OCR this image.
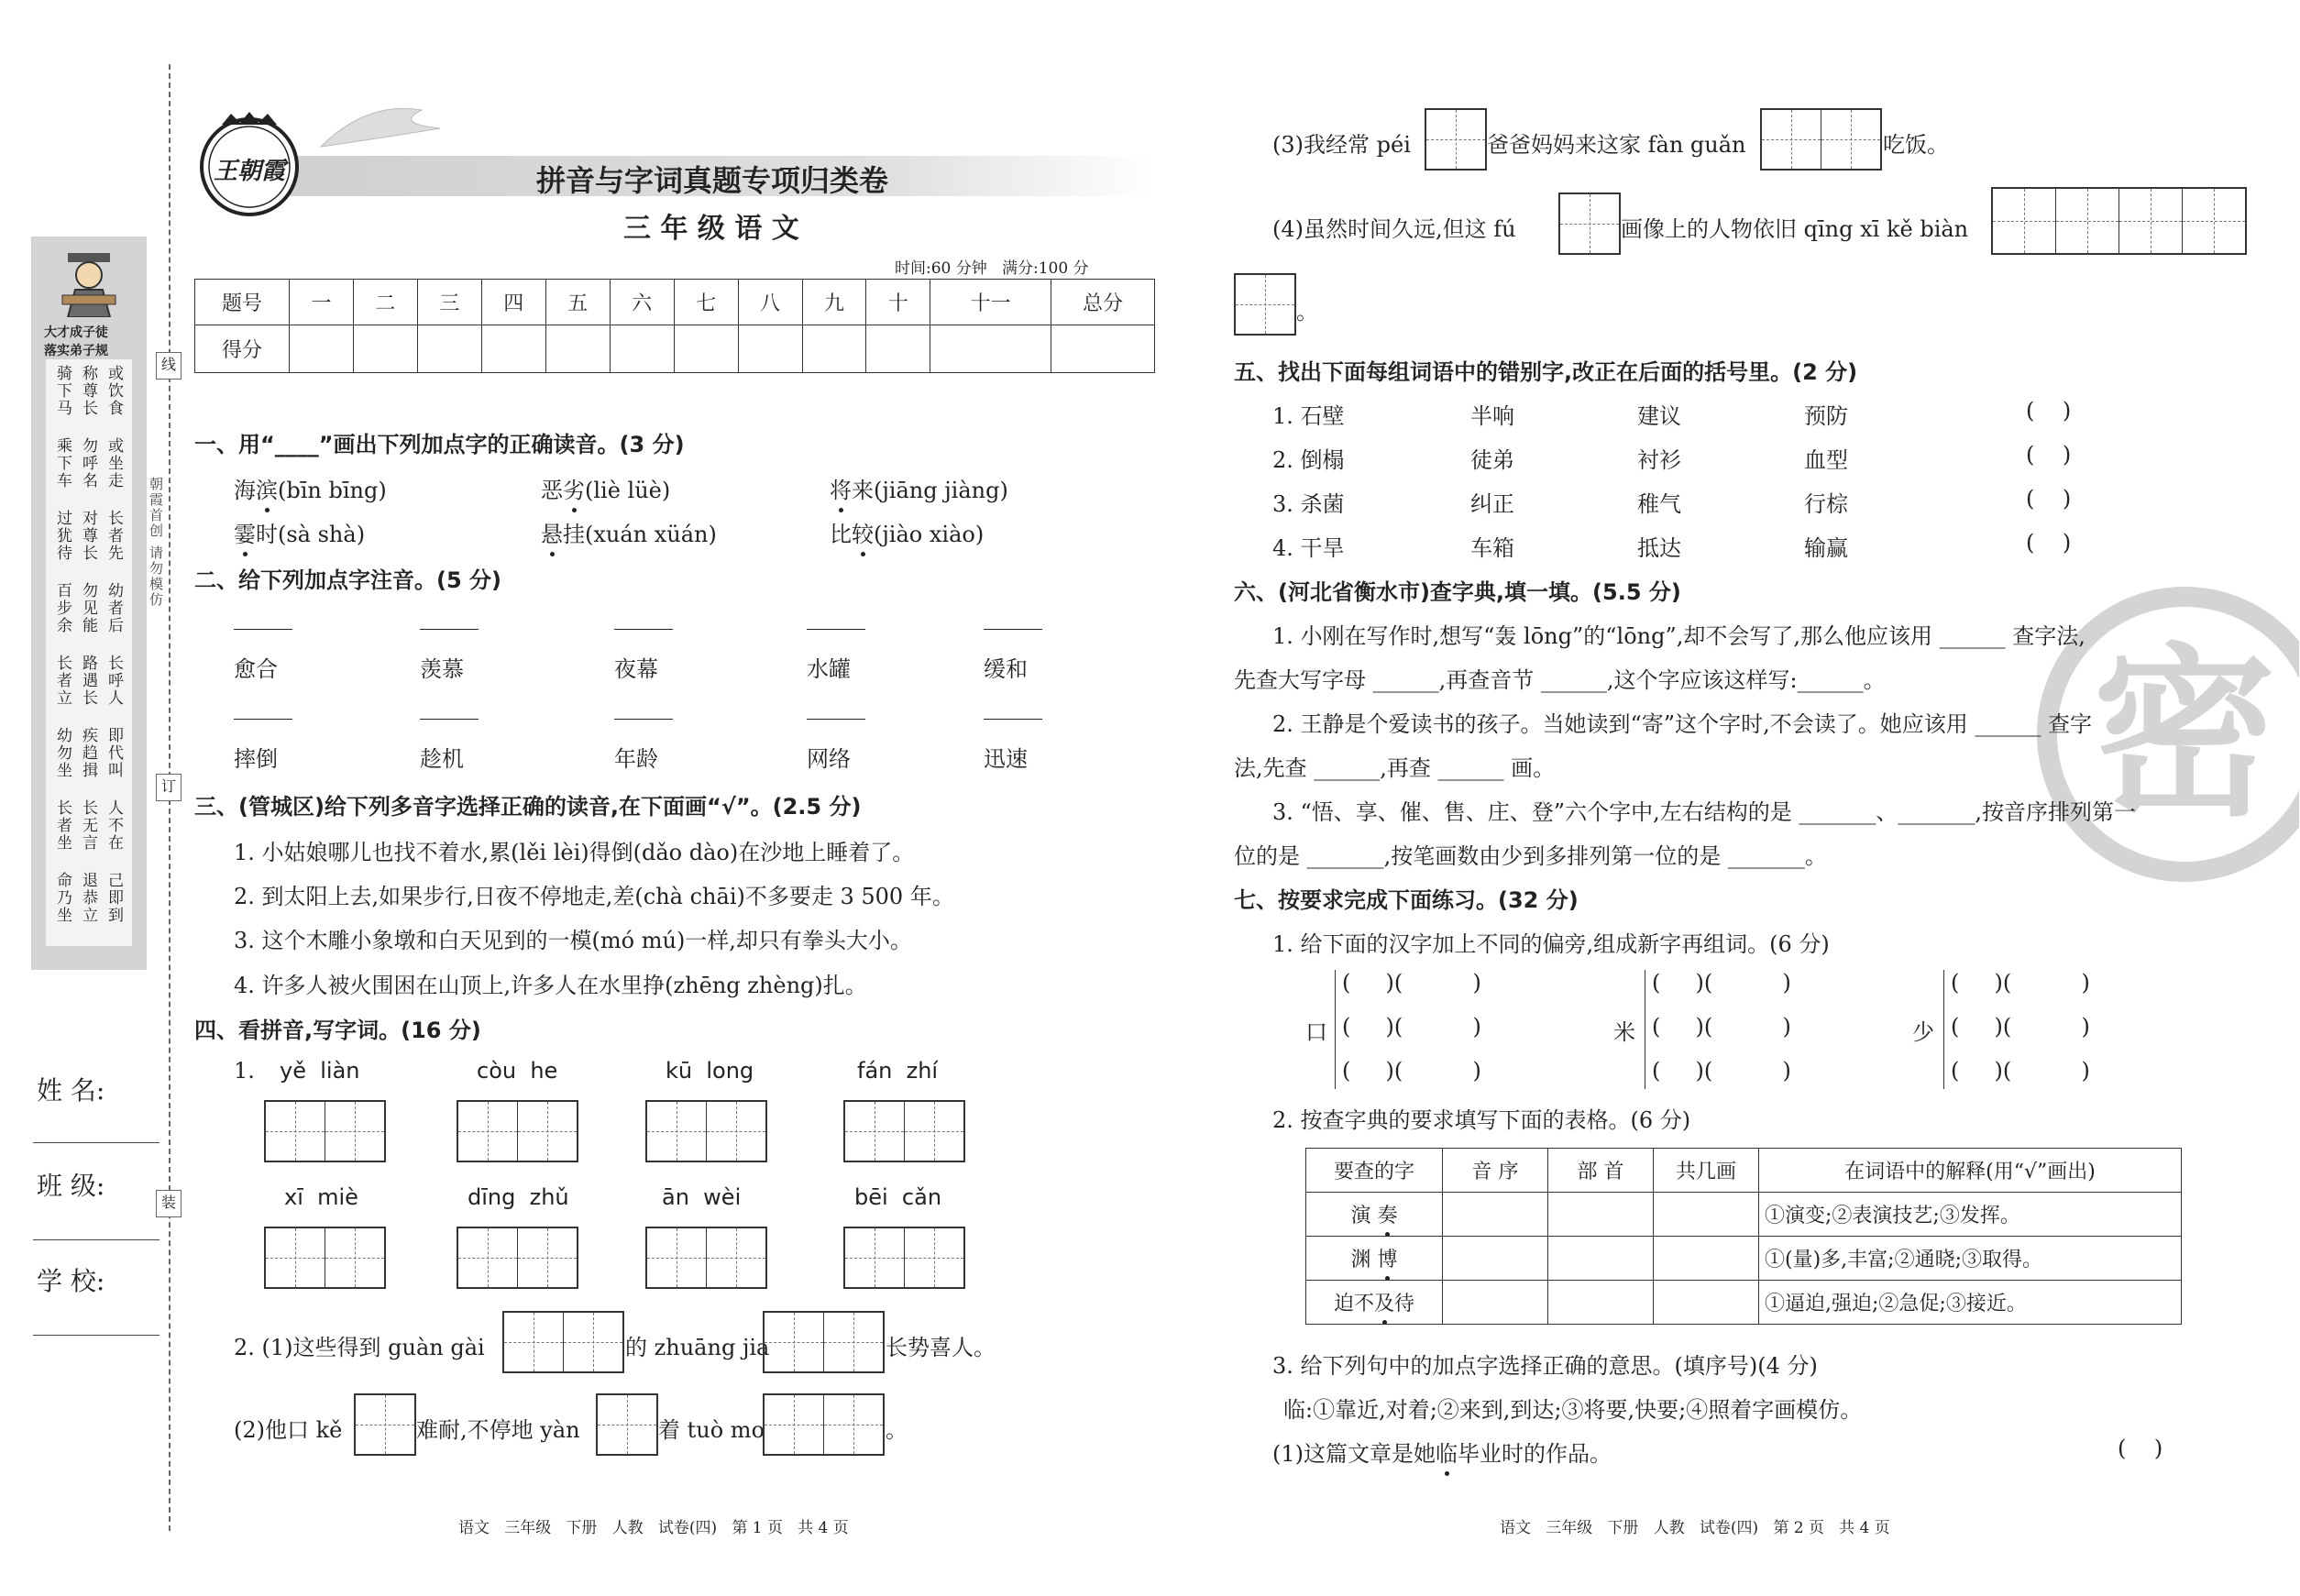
线
订
装
朝霞首创 请勿模仿
大才成子徒
落实弟子规
骑下马 称尊长 或饮食
乘下车 勿呼名 或坐走
过犹待 对尊长 长者先
百步余 勿见能 幼者后
长者立 路遇长 长呼人
幼勿坐 疾趋揖 即代叫
长者坐 长无言 人不在
命乃坐 退恭立 己即到
姓 名:
班 级:
学 校:
王朝霞	拼音与字词真题专项归类卷
三 年 级 语 文
时间:60 分钟   满分:100 分
题号	一	二	三	四	五	六	七	八	九	十	十一	总分
得分												
一、用“____”画出下列加点字的正确读音。(3 分)
海滨(bīn bīng)	恶劣(liè lüè)	将来(jiāng jiàng)
霎时(sà shà)	悬挂(xuán xüán)	比较(jiào xiào)
二、给下列加点字注音。(5 分)
愈合	羡慕	夜幕	水罐	缓和
摔倒	趁机	年龄	网络	迅速
三、(管城区)给下列多音字选择正确的读音,在下面画“√”。(2.5 分)
1. 小姑娘哪儿也找不着水,累(lěi lèi)得倒(dǎo dào)在沙地上睡着了。
2. 到太阳上去,如果步行,日夜不停地走,差(chà chāi)不多要走 3 500 年。
3. 这个木雕小象墩和白天见到的一模(mó mú)一样,却只有拳头大小。
4. 许多人被火围困在山顶上,许多人在水里挣(zhēng zhèng)扎。
四、看拼音,写字词。(16 分)
1. yě  liàn	còu  he	kū  long	fán  zhí
xī  miè	dīng  zhǔ	ān  wèi	bēi  cǎn
2. (1)这些得到 guàn gài	的 zhuāng jia	长势喜人。
(2)他口 kě	难耐,不停地 yàn	着 tuò mo	。
(3)我经常 péi	爸爸妈妈来这家 fàn guǎn	吃饭。
(4)虽然时间久远,但这 fú	画像上的人物依旧 qīng xī kě biàn
。
五、找出下面每组词语中的错别字,改正在后面的括号里。(2 分)
1. 石壁	半响	建议	预防	(    )
2. 倒榻	徒弟	衬衫	血型	(    )
3. 杀菌	纠正	稚气	行棕	(    )
4. 干旱	车箱	抵达	输赢	(    )
密
六、(河北省衡水市)查字典,填一填。(5.5 分)
1. 小刚在写作时,想写“轰 lōng”的“lōng”,却不会写了,那么他应该用 ______ 查字法,
先查大写字母 ______,再查音节 ______,这个字应该这样写:______。
2. 王静是个爱读书的孩子。当她读到“寄”这个字时,不会读了。她应该用 ______ 查字
法,先查 ______,再查 ______ 画。
3. “悟、享、催、售、庄、登”六个字中,左右结构的是 _______、_______,按音序排列第一
位的是 _______,按笔画数由少到多排列第一位的是 _______。
七、按要求完成下面练习。(32 分)
1. 给下面的汉字加上不同的偏旁,组成新字再组词。(6 分)
口
(     )(          )
(     )(          )
(     )(          )
米
(     )(          )
(     )(          )
(     )(          )
少
(     )(          )
(     )(          )
(     )(          )
2. 按查字典的要求填写下面的表格。(6 分)
要查的字	音 序	部 首	共几画	在词语中的解释(用“√”画出)
演 奏				①演变;②表演技艺;③发挥。
渊 博				①(量)多,丰富;②通晓;③取得。
迫不及待				①逼迫,强迫;②急促;③接近。
3. 给下列句中的加点字选择正确的意思。(填序号)(4 分)
临:①靠近,对着;②来到,到达;③将要,快要;④照着字画模仿。
(1)这篇文章是她临毕业时的作品。	(    )
语文   三年级   下册   人教   试卷(四)   第 1 页   共 4 页	语文   三年级   下册   人教   试卷(四)   第 2 页   共 4 页
